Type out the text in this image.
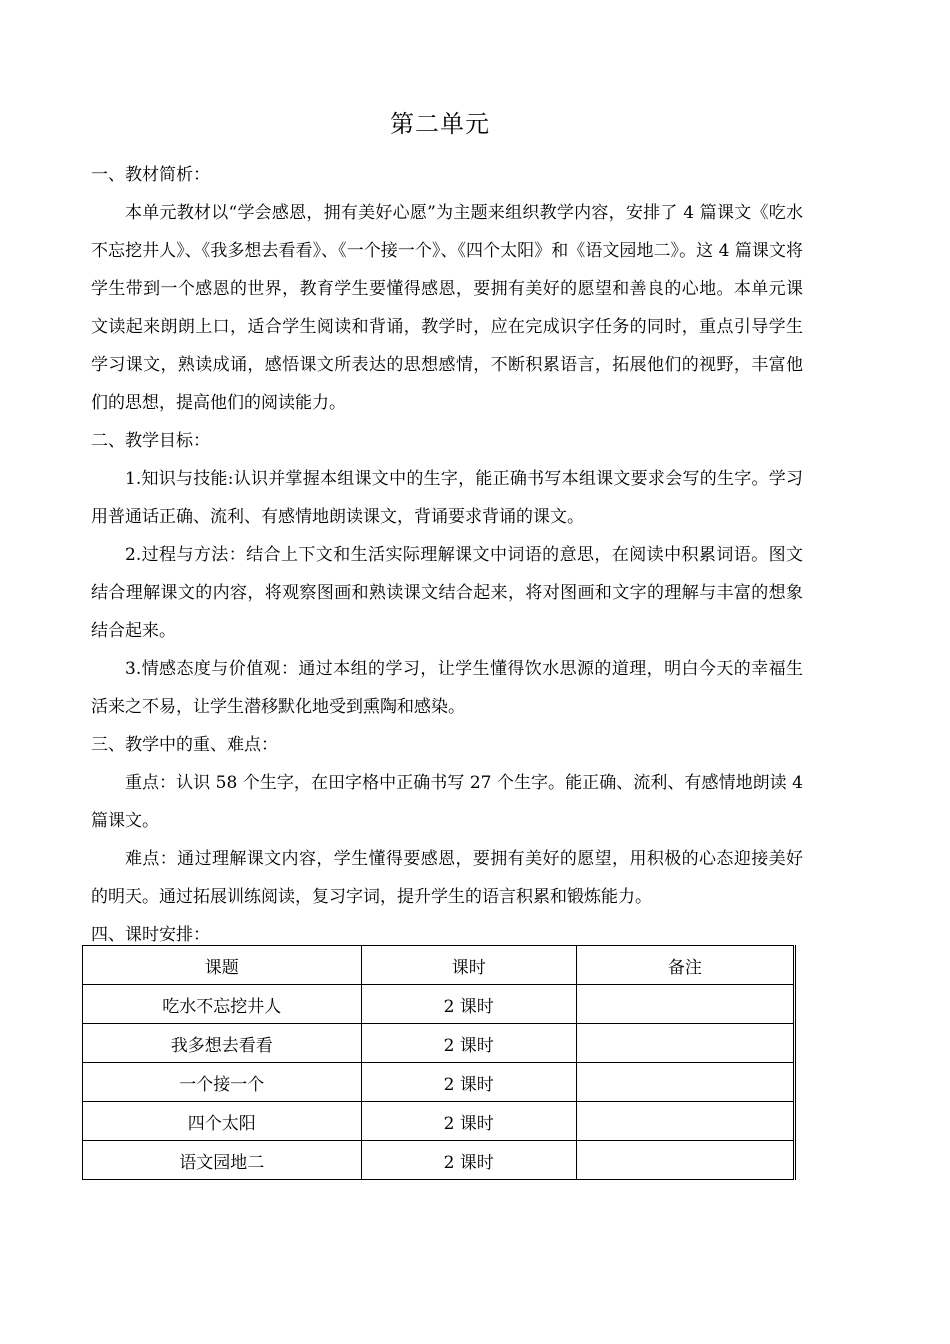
第二单元

一、教材简析：

本单元教材以“学会感恩，拥有美好心愿”为主题来组织教学内容，安排了 4 篇课文《吃水不忘挖井人》、《我多想去看看》、《一个接一个》、《四个太阳》和《语文园地二》。这 4 篇课文将学生带到一个感恩的世界，教育学生要懂得感恩，要拥有美好的愿望和善良的心地。本单元课文读起来朗朗上口，适合学生阅读和背诵，教学时，应在完成识字任务的同时，重点引导学生学习课文，熟读成诵，感悟课文所表达的思想感情，不断积累语言，拓展他们的视野，丰富他们的思想，提高他们的阅读能力。

二、教学目标：

1.知识与技能:认识并掌握本组课文中的生字，能正确书写本组课文要求会写的生字。学习用普通话正确、流利、有感情地朗读课文，背诵要求背诵的课文。

2.过程与方法：结合上下文和生活实际理解课文中词语的意思，在阅读中积累词语。图文结合理解课文的内容，将观察图画和熟读课文结合起来，将对图画和文字的理解与丰富的想象结合起来。

3.情感态度与价值观：通过本组的学习，让学生懂得饮水思源的道理，明白今天的幸福生活来之不易，让学生潜移默化地受到熏陶和感染。

三、教学中的重、难点：

重点：认识 58 个生字，在田字格中正确书写 27 个生字。能正确、流利、有感情地朗读 4 篇课文。

难点：通过理解课文内容，学生懂得要感恩，要拥有美好的愿望，用积极的心态迎接美好的明天。通过拓展训练阅读，复习字词，提升学生的语言积累和锻炼能力。

四、课时安排：

课题	课时	备注
吃水不忘挖井人	2 课时	
我多想去看看	2 课时	
一个接一个	2 课时	
四个太阳	2 课时	
语文园地二	2 课时	
